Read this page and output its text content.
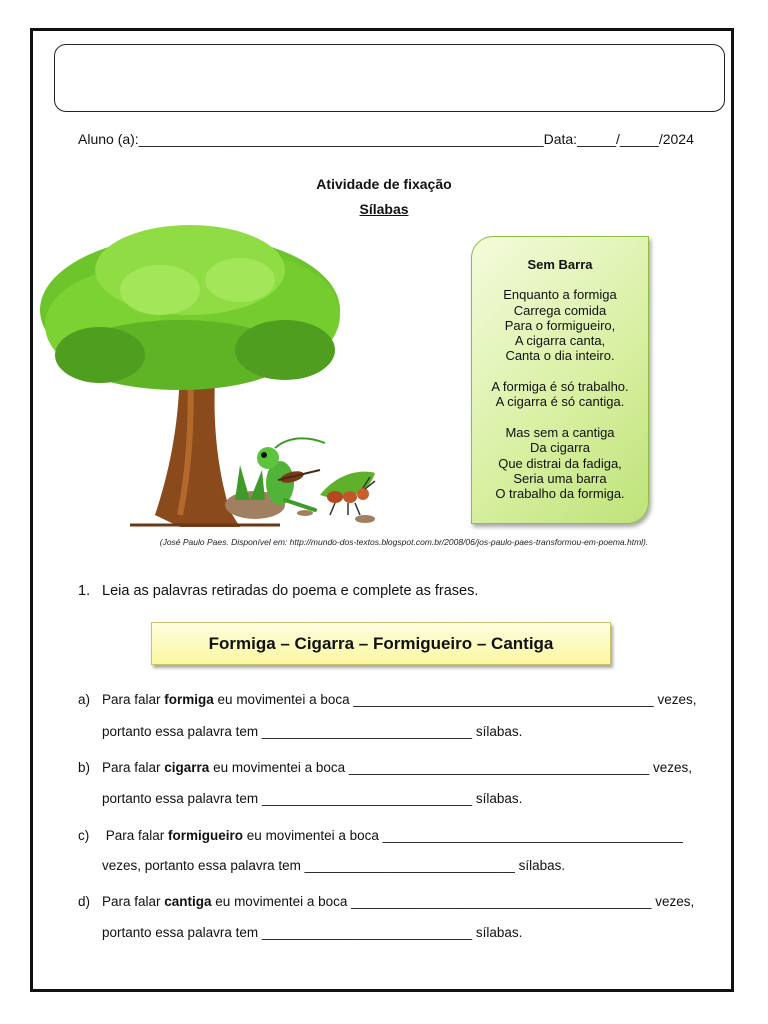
Aluno (a):____________________________________________________Data:_____/_____/2024
Atividade de fixação
Sílabas
Sem Barra
Enquanto a formiga
Carrega comida
Para o formigueiro,
A cigarra canta,
Canta o dia inteiro.
A formiga é só trabalho.
A cigarra é só cantiga.
Mas sem a cantiga
Da cigarra
Que distrai da fadiga,
Seria uma barra
O trabalho da formiga.
(José Paulo Paes. Disponível em: http://mundo-dos-textos.blogspot.com.br/2008/06/jos-paulo-paes-transformou-em-poema.html).
1. Leia as palavras retiradas do poema e complete as frases.
Formiga – Cigarra – Formigueiro – Cantiga
a) Para falar formiga eu movimentei a boca ________________________________________ vezes,
portanto essa palavra tem ____________________________ sílabas.
b) Para falar cigarra eu movimentei a boca ________________________________________ vezes,
portanto essa palavra tem ____________________________ sílabas.
c) Para falar formigueiro eu movimentei a boca ________________________________________
vezes, portanto essa palavra tem ____________________________ sílabas.
d) Para falar cantiga eu movimentei a boca ________________________________________ vezes,
portanto essa palavra tem ____________________________ sílabas.
